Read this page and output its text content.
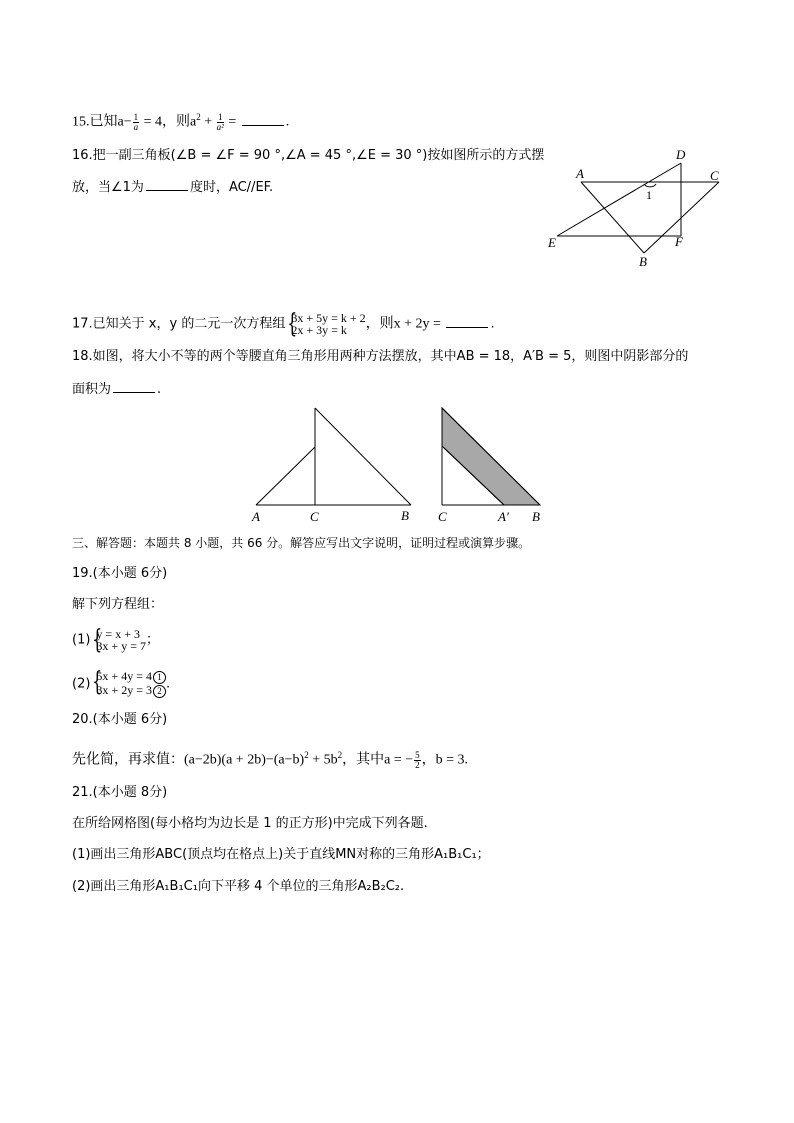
15.已知$a- \frac{1}{a} = 4$，则$a^2 + \frac{1}{\text{a²}}$ =	.
16.把一副三角板(∠B = ∠F = 90 °,∠A = 45 °,∠E = 30 °)按如图所示的方式摆
放，当∠1为	度时，AC//EF.
A
D
C
E	F
B
1
17.已知关于 x，y 的二元一次方程组 {
3x + 5y = k + 2
2x + 3y = k	，则x + 2y =	.
18.如图，将大小不等的两个等腰直角三角形用两种方法摆放，其中AB = 18，A′B = 5，则图中阴影部分的
面积为	.
A	C	B C	A′ B
三、解答题：本题共 8 小题，共 66 分。解答应写出文字说明，证明过程或演算步骤。
19.(本小题 6分)
解下列方程组：
(1) {
y = x + 3
3x + y = 7 ；
(2) {
5x + 4y = 4 1
3x + 2y = 3 2 .
20.(本小题 6分)
先化简，再求值：$(a-2b)(a + 2b)-(a-b)^2 + 5b^2$，其中a = − $\frac{5}{2}$ ，b = 3.
21.(本小题 8分)
在所给网格图(每小格均为边长是 1 的正方形)中完成下列各题.
(1)画出三角形ABC(顶点均在格点上)关于直线MN对称的三角形A₁B₁C₁；
(2)画出三角形A₁B₁C₁向下平移 4 个单位的三角形A₂B₂C₂.
